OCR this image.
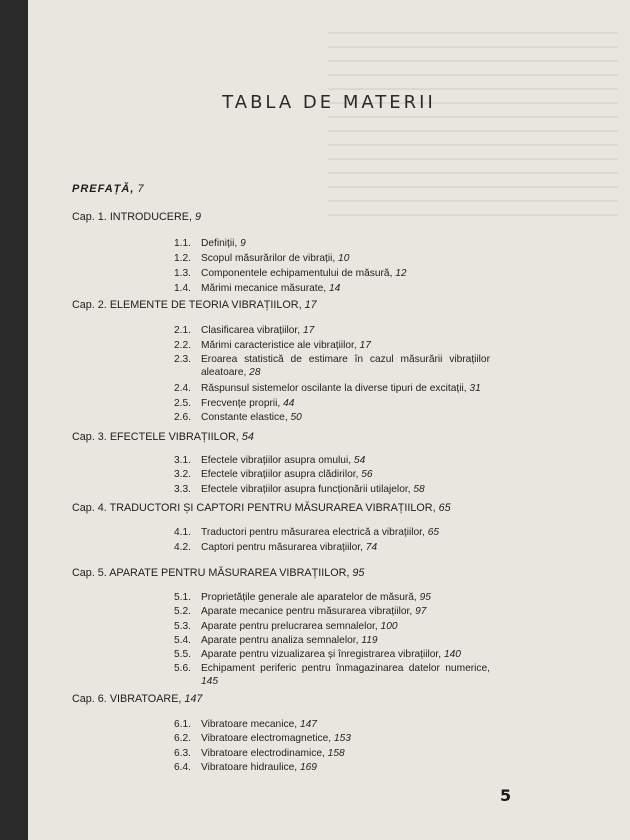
TABLA DE MATERII
PREFAȚĂ, 7
Cap. 1. INTRODUCERE, 9
Cap. 2. ELEMENTE DE TEORIA VIBRAȚIILOR, 17
Cap. 3. EFECTELE VIBRAȚIILOR, 54
Cap. 4. TRADUCTORI ȘI CAPTORI PENTRU MĂSURAREA VIBRAȚIILOR, 65
Cap. 5. APARATE PENTRU MĂSURAREA VIBRAȚIILOR, 95
Cap. 6. VIBRATOARE, 147
1.1. Definiții, 9
1.2. Scopul măsurărilor de vibrații, 10
1.3. Componentele echipamentului de măsură, 12
1.4. Mărimi mecanice măsurate, 14
2.1. Clasificarea vibrațiilor, 17
2.2. Mărimi caracteristice ale vibrațiilor, 17
2.3. Eroarea statistică de estimare în cazul măsurării vibrațiilor aleatoare, 28
2.4. Răspunsul sistemelor oscilante la diverse tipuri de excitații, 31
2.5. Frecvențe proprii, 44
2.6. Constante elastice, 50
3.1. Efectele vibrațiilor asupra omului, 54
3.2. Efectele vibrațiilor asupra clădirilor, 56
3.3. Efectele vibrațiilor asupra funcționării utilajelor, 58
4.1. Traductori pentru măsurarea electrică a vibrațiilor, 65
4.2. Captori pentru măsurarea vibrațiilor, 74
5.1. Proprietățile generale ale aparatelor de măsură, 95
5.2. Aparate mecanice pentru măsurarea vibrațiilor, 97
5.3. Aparate pentru prelucrarea semnalelor, 100
5.4. Aparate pentru analiza semnalelor, 119
5.5. Aparate pentru vizualizarea și înregistrarea vibrațiilor, 140
5.6. Echipament periferic pentru înmagazinarea datelor numerice, 145
6.1. Vibratoare mecanice, 147
6.2. Vibratoare electromagnetice, 153
6.3. Vibratoare electrodinamice, 158
6.4. Vibratoare hidraulice, 169
5
